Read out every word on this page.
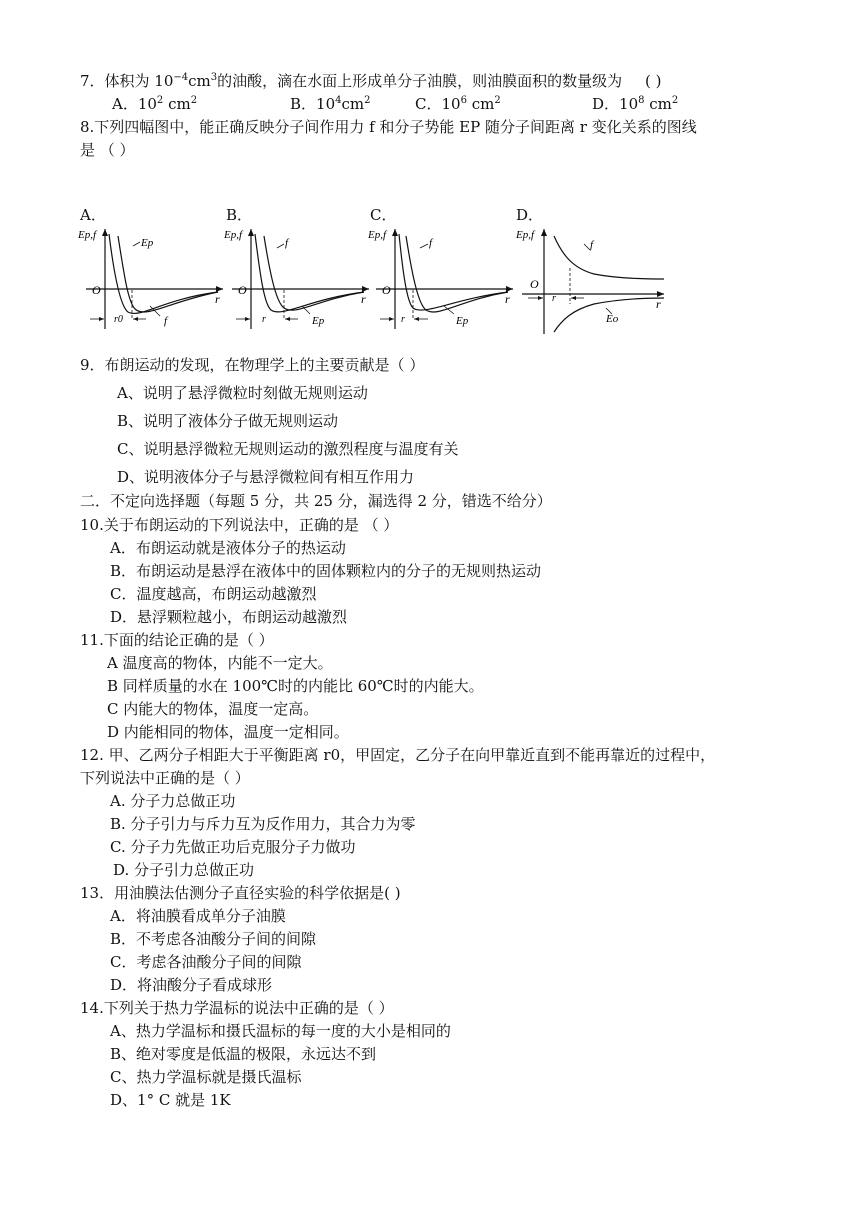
7．体积为 $10^{-4}cm^3$的油酸，滴在水面上形成单分子油膜，则油膜面积的数量级为 ( )
A．$10^2$ $cm^2$	B．$10^4cm^2$	C．$10^6$ $cm^2$	D．$10^8$ $cm^2$
8.下列四幅图中，能正确反映分子间作用力 f 和分子势能 EP 随分子间距离 r 变化关系的图线
是 （ ）
A．
Ep,f
O
r
Ep
f
r0
B．
Ep,f
O
r
f
Ep
r
C．
Ep,f
O
r
f
Ep
r
D．
Ep,f
O
r
f
Eo
r
9．布朗运动的发现，在物理学上的主要贡献是（ ）
A、说明了悬浮微粒时刻做无规则运动
B、说明了液体分子做无规则运动
C、说明悬浮微粒无规则运动的激烈程度与温度有关
D、说明液体分子与悬浮微粒间有相互作用力
二．不定向选择题（每题 5 分，共 25 分，漏选得 2 分，错选不给分）
10.关于布朗运动的下列说法中，正确的是 （ ）
A．布朗运动就是液体分子的热运动
B．布朗运动是悬浮在液体中的固体颗粒内的分子的无规则热运动
C．温度越高，布朗运动越激烈
D．悬浮颗粒越小，布朗运动越激烈
11.下面的结论正确的是（ ）
A 温度高的物体，内能不一定大。
B 同样质量的水在 100℃时的内能比 60℃时的内能大。
C 内能大的物体，温度一定高。
D 内能相同的物体，温度一定相同。
12. 甲、乙两分子相距大于平衡距离 r0，甲固定，乙分子在向甲靠近直到不能再靠近的过程中，
下列说法中正确的是（ ）
A. 分子力总做正功
B. 分子引力与斥力互为反作用力，其合力为零
C. 分子力先做正功后克服分子力做功
D. 分子引力总做正功
13．用油膜法估测分子直径实验的科学依据是( )
A．将油膜看成单分子油膜
B．不考虑各油酸分子间的间隙
C．考虑各油酸分子间的间隙
D．将油酸分子看成球形
14.下列关于热力学温标的说法中正确的是（ ）
A、热力学温标和摄氏温标的每一度的大小是相同的
B、绝对零度是低温的极限，永远达不到
C、热力学温标就是摄氏温标
D、1° C 就是 1K
